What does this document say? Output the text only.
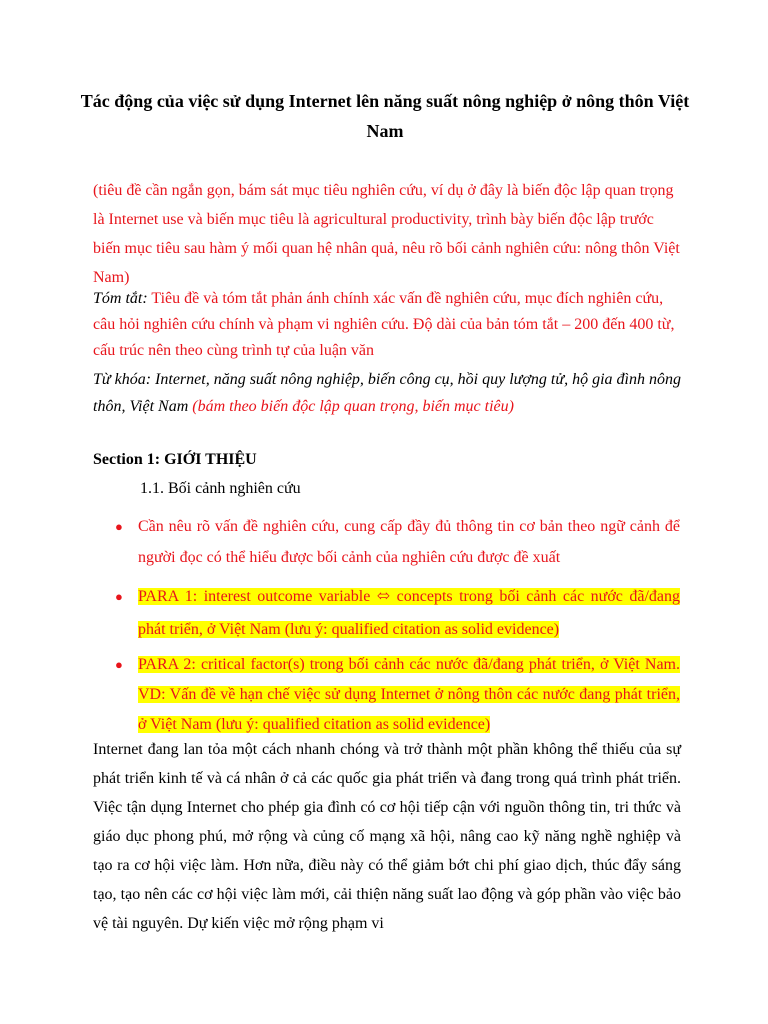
Tác động của việc sử dụng Internet lên năng suất nông nghiệp ở nông thôn Việt Nam
(tiêu đề cần ngắn gọn, bám sát mục tiêu nghiên cứu, ví dụ ở đây là biến độc lập quan trọng là Internet use và biến mục tiêu là agricultural productivity, trình bày biến độc lập trước biến mục tiêu sau hàm ý mối quan hệ nhân quả, nêu rõ bối cảnh nghiên cứu: nông thôn Việt Nam)
Tóm tắt: Tiêu đề và tóm tắt phản ánh chính xác vấn đề nghiên cứu, mục đích nghiên cứu, câu hỏi nghiên cứu chính và phạm vi nghiên cứu. Độ dài của bản tóm tắt – 200 đến 400 từ, cấu trúc nên theo cùng trình tự của luận văn
Từ khóa: Internet, năng suất nông nghiệp, biến công cụ, hồi quy lượng tử, hộ gia đình nông thôn, Việt Nam (bám theo biến độc lập quan trọng, biến mục tiêu)
Section 1: GIỚI THIỆU
1.1. Bối cảnh nghiên cứu
● Cần nêu rõ vấn đề nghiên cứu, cung cấp đầy đủ thông tin cơ bản theo ngữ cảnh để người đọc có thể hiểu được bối cảnh của nghiên cứu được đề xuất
● PARA 1: interest outcome variable ⬄ concepts trong bối cảnh các nước đã/đang phát triển, ở Việt Nam (lưu ý: qualified citation as solid evidence)
● PARA 2: critical factor(s) trong bối cảnh các nước đã/đang phát triển, ở Việt Nam. VD: Vấn đề về hạn chế việc sử dụng Internet ở nông thôn các nước đang phát triển, ở Việt Nam (lưu ý: qualified citation as solid evidence)
Internet đang lan tỏa một cách nhanh chóng và trở thành một phần không thể thiếu của sự phát triển kinh tế và cá nhân ở cả các quốc gia phát triển và đang trong quá trình phát triển. Việc tận dụng Internet cho phép gia đình có cơ hội tiếp cận với nguồn thông tin, tri thức và giáo dục phong phú, mở rộng và củng cố mạng xã hội, nâng cao kỹ năng nghề nghiệp và tạo ra cơ hội việc làm. Hơn nữa, điều này có thể giảm bớt chi phí giao dịch, thúc đẩy sáng tạo, tạo nên các cơ hội việc làm mới, cải thiện năng suất lao động và góp phần vào việc bảo vệ tài nguyên. Dự kiến việc mở rộng phạm vi
